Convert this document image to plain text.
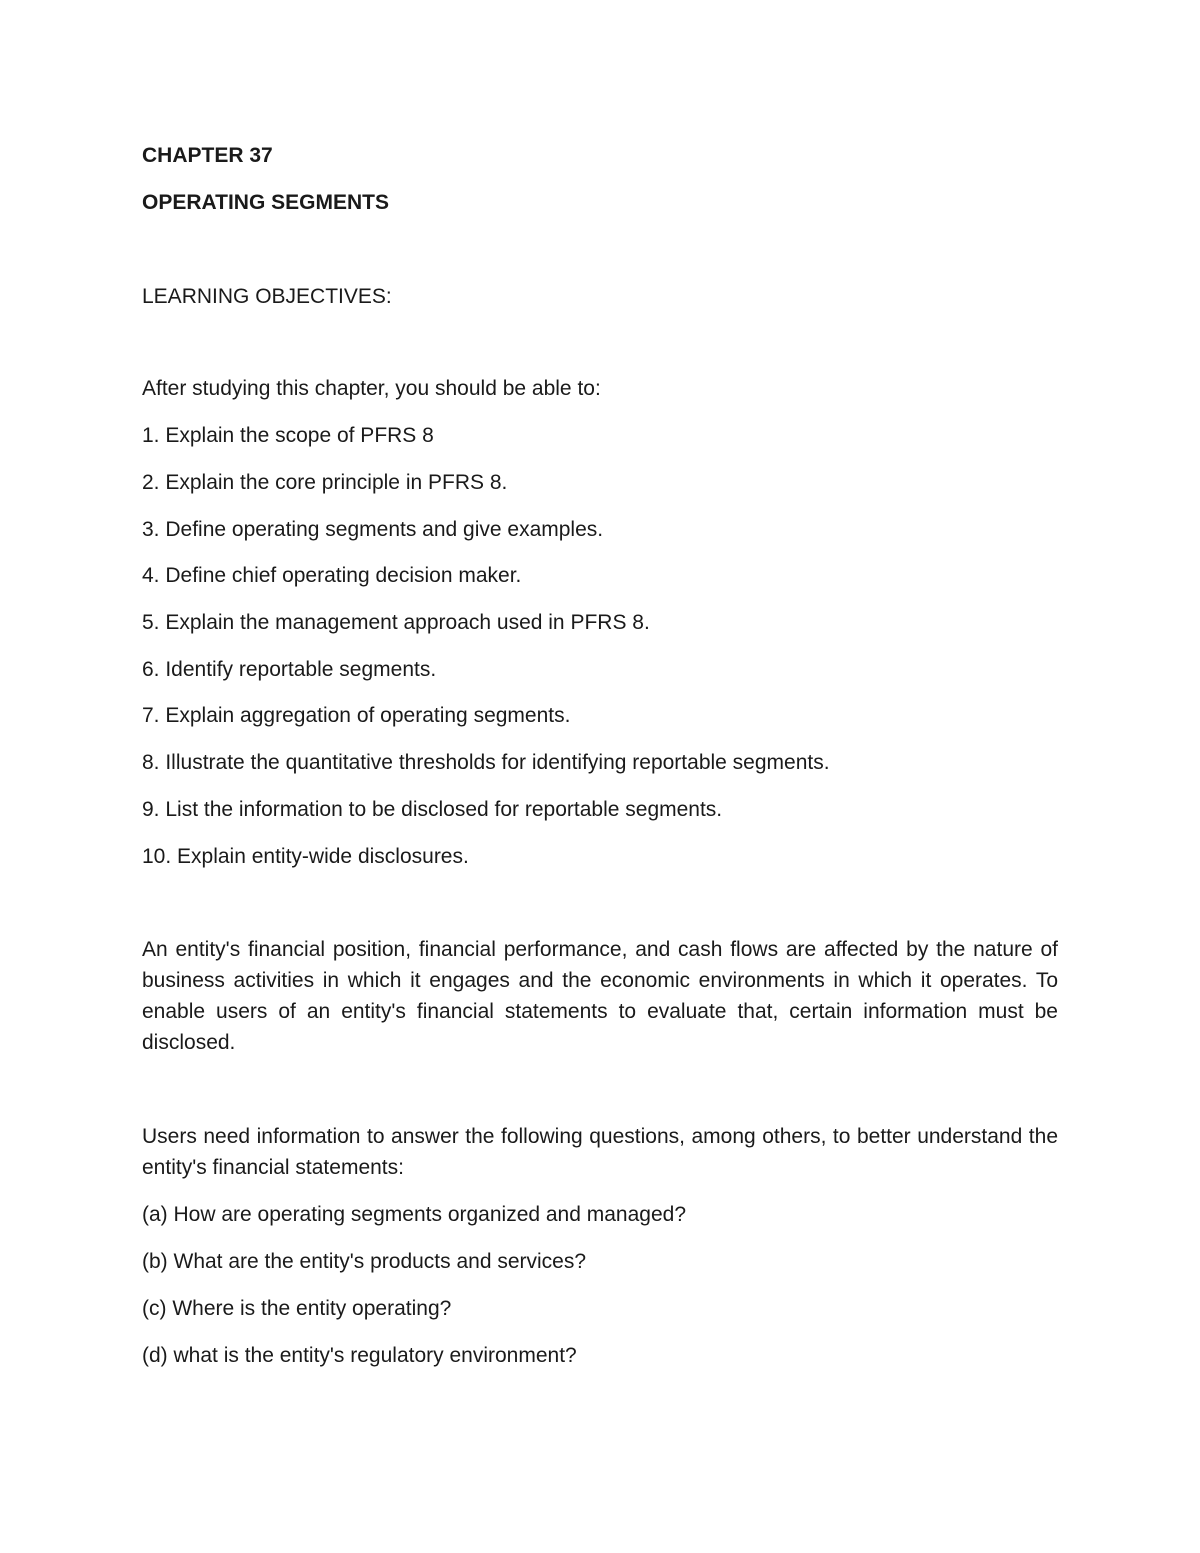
CHAPTER 37
OPERATING SEGMENTS
LEARNING OBJECTIVES:
After studying this chapter, you should be able to:
1. Explain the scope of PFRS 8
2. Explain the core principle in PFRS 8.
3. Define operating segments and give examples.
4. Define chief operating decision maker.
5. Explain the management approach used in PFRS 8.
6. Identify reportable segments.
7. Explain aggregation of operating segments.
8. Illustrate the quantitative thresholds for identifying reportable segments.
9. List the information to be disclosed for reportable segments.
10. Explain entity-wide disclosures.
An entity's financial position, financial performance, and cash flows are affected by the nature of business activities in which it engages and the economic environments in which it operates. To enable users of an entity's financial statements to evaluate that, certain information must be disclosed.
Users need information to answer the following questions, among others, to better understand the entity's financial statements:
(a) How are operating segments organized and managed?
(b) What are the entity's products and services?
(c) Where is the entity operating?
(d) what is the entity's regulatory environment?
